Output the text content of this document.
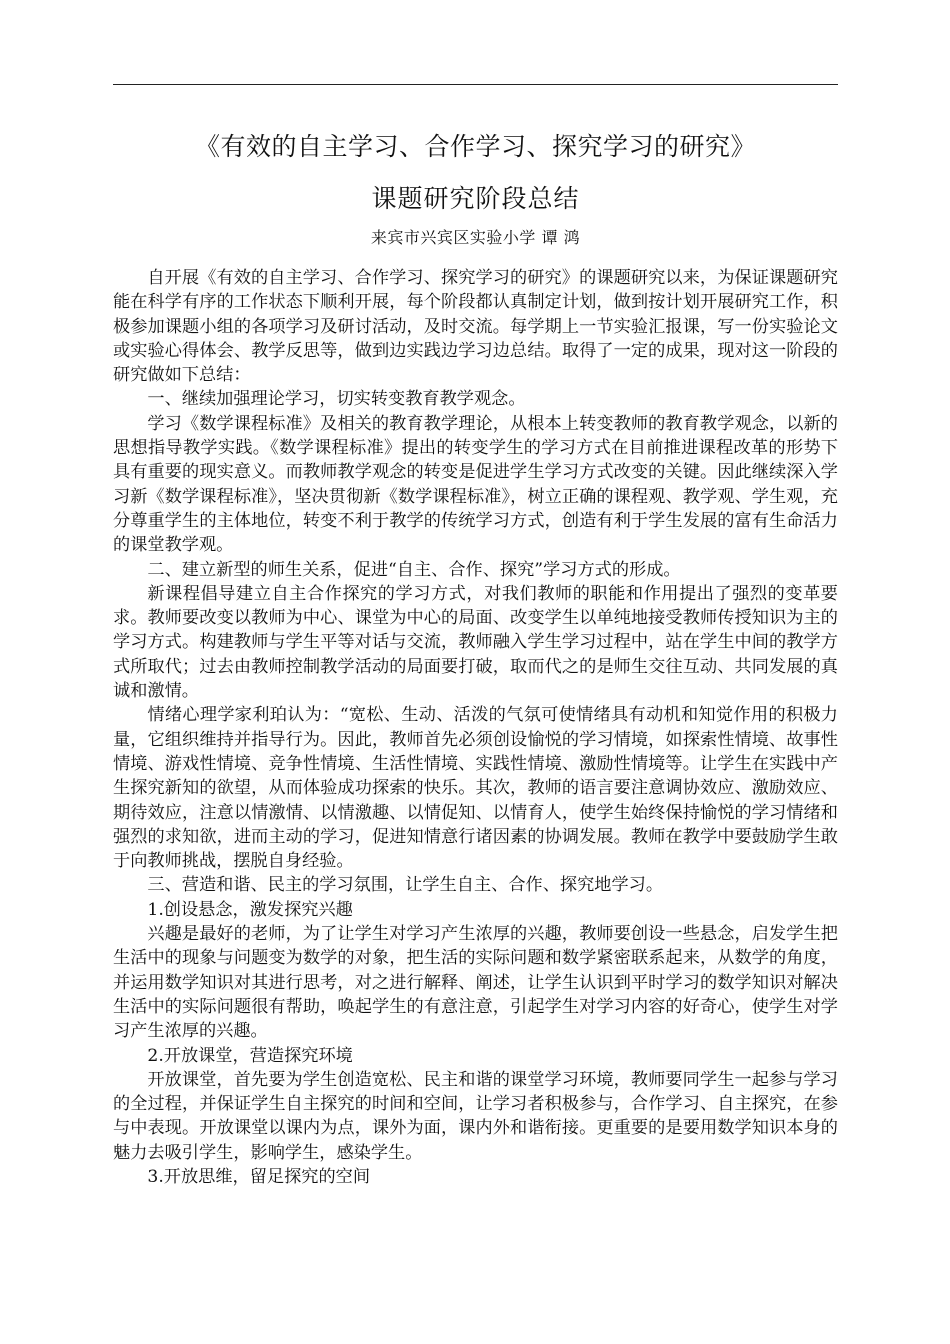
《有效的自主学习、合作学习、探究学习的研究》
课题研究阶段总结
来宾市兴宾区实验小学 谭 鸿

自开展《有效的自主学习、合作学习、探究学习的研究》的课题研究以来，为保证课题研究能在科学有序的工作状态下顺利开展，每个阶段都认真制定计划，做到按计划开展研究工作，积极参加课题小组的各项学习及研讨活动，及时交流。每学期上一节实验汇报课，写一份实验论文或实验心得体会、教学反思等，做到边实践边学习边总结。取得了一定的成果，现对这一阶段的研究做如下总结：

一、继续加强理论学习，切实转变教育教学观念。

学习《数学课程标准》及相关的教育教学理论，从根本上转变教师的教育教学观念，以新的思想指导教学实践。《数学课程标准》提出的转变学生的学习方式在目前推进课程改革的形势下具有重要的现实意义。而教师教学观念的转变是促进学生学习方式改变的关键。因此继续深入学习新《数学课程标准》，坚决贯彻新《数学课程标准》，树立正确的课程观、教学观、学生观，充分尊重学生的主体地位，转变不利于教学的传统学习方式，创造有利于学生发展的富有生命活力的课堂教学观。

二、建立新型的师生关系，促进“自主、合作、探究”学习方式的形成。

新课程倡导建立自主合作探究的学习方式，对我们教师的职能和作用提出了强烈的变革要求。教师要改变以教师为中心、课堂为中心的局面、改变学生以单纯地接受教师传授知识为主的学习方式。构建教师与学生平等对话与交流，教师融入学生学习过程中，站在学生中间的教学方式所取代；过去由教师控制教学活动的局面要打破，取而代之的是师生交往互动、共同发展的真诚和激情。

情绪心理学家利珀认为：“宽松、生动、活泼的气氛可使情绪具有动机和知觉作用的积极力量，它组织维持并指导行为。因此，教师首先必须创设愉悦的学习情境，如探索性情境、故事性情境、游戏性情境、竞争性情境、生活性情境、实践性情境、激励性情境等。让学生在实践中产生探究新知的欲望，从而体验成功探索的快乐。其次，教师的语言要注意调协效应、激励效应、期待效应，注意以情激情、以情激趣、以情促知、以情育人，使学生始终保持愉悦的学习情绪和强烈的求知欲，进而主动的学习，促进知情意行诸因素的协调发展。教师在教学中要鼓励学生敢于向教师挑战，摆脱自身经验。

三、营造和谐、民主的学习氛围，让学生自主、合作、探究地学习。

1.创设悬念，激发探究兴趣

兴趣是最好的老师，为了让学生对学习产生浓厚的兴趣，教师要创设一些悬念，启发学生把生活中的现象与问题变为数学的对象，把生活的实际问题和数学紧密联系起来，从数学的角度，并运用数学知识对其进行思考，对之进行解释、阐述，让学生认识到平时学习的数学知识对解决生活中的实际问题很有帮助，唤起学生的有意注意，引起学生对学习内容的好奇心，使学生对学习产生浓厚的兴趣。

2.开放课堂，营造探究环境

开放课堂，首先要为学生创造宽松、民主和谐的课堂学习环境，教师要同学生一起参与学习的全过程，并保证学生自主探究的时间和空间，让学习者积极参与，合作学习、自主探究，在参与中表现。开放课堂以课内为点，课外为面，课内外和谐衔接。更重要的是要用数学知识本身的魅力去吸引学生，影响学生，感染学生。

3.开放思维，留足探究的空间
